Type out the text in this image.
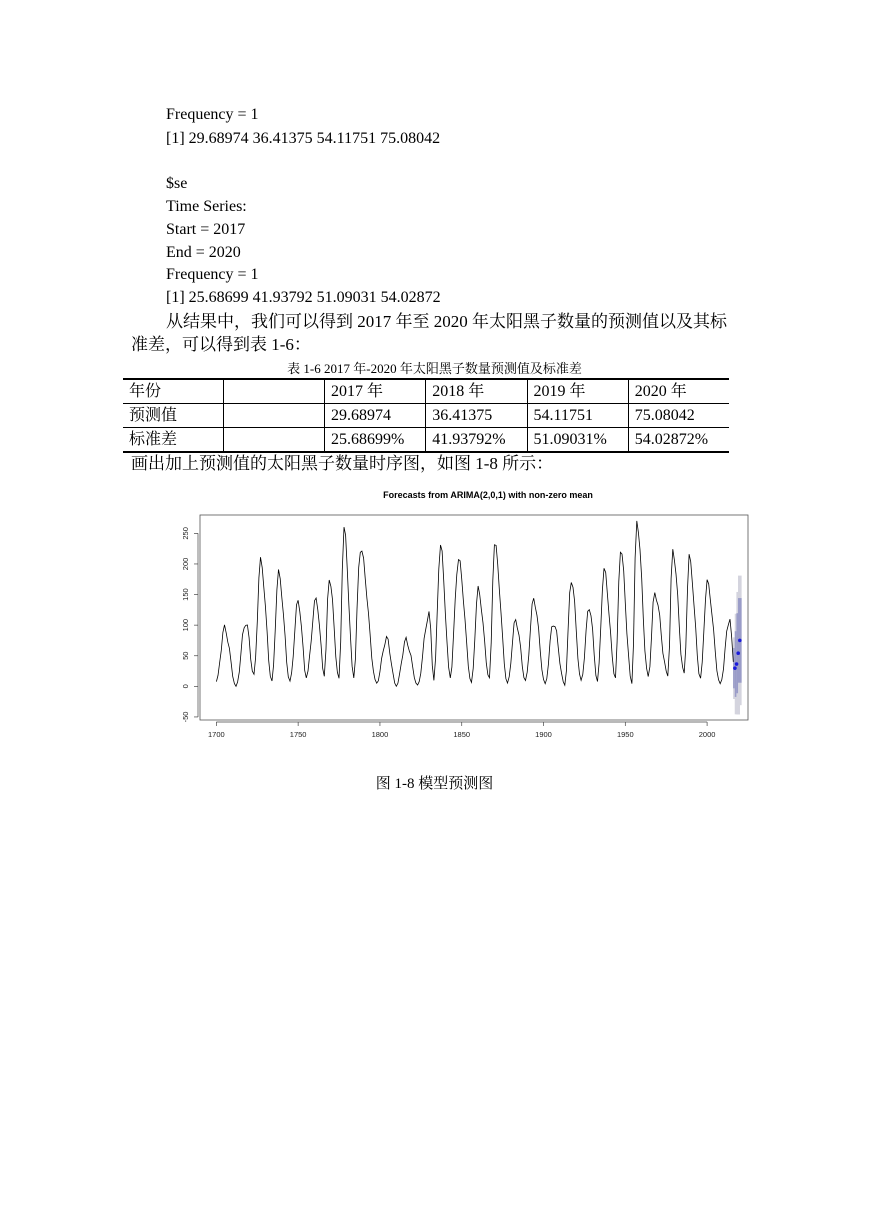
Frequency = 1
[1] 29.68974 36.41375 54.11751 75.08042
$se
Time Series:
Start = 2017
End = 2020
Frequency = 1
[1] 25.68699 41.93792 51.09031 54.02872
从结果中，我们可以得到 2017 年至 2020 年太阳黑子数量的预测值以及其标准差，可以得到表 1-6：
表 1-6 2017 年-2020 年太阳黑子数量预测值及标准差
年份		2017 年	2018 年	2019 年	2020 年
预测值		29.68974	36.41375	54.11751	75.08042
标准差		25.68699%	41.93792%	51.09031%	54.02872%
画出加上预测值的太阳黑子数量时序图，如图 1-8 所示：
Forecasts from ARIMA(2,0,1) with non-zero mean
1700	1750	1800	1850	1900	1950	2000
-50
0
50
100
150
200
250
图 1-8 模型预测图
